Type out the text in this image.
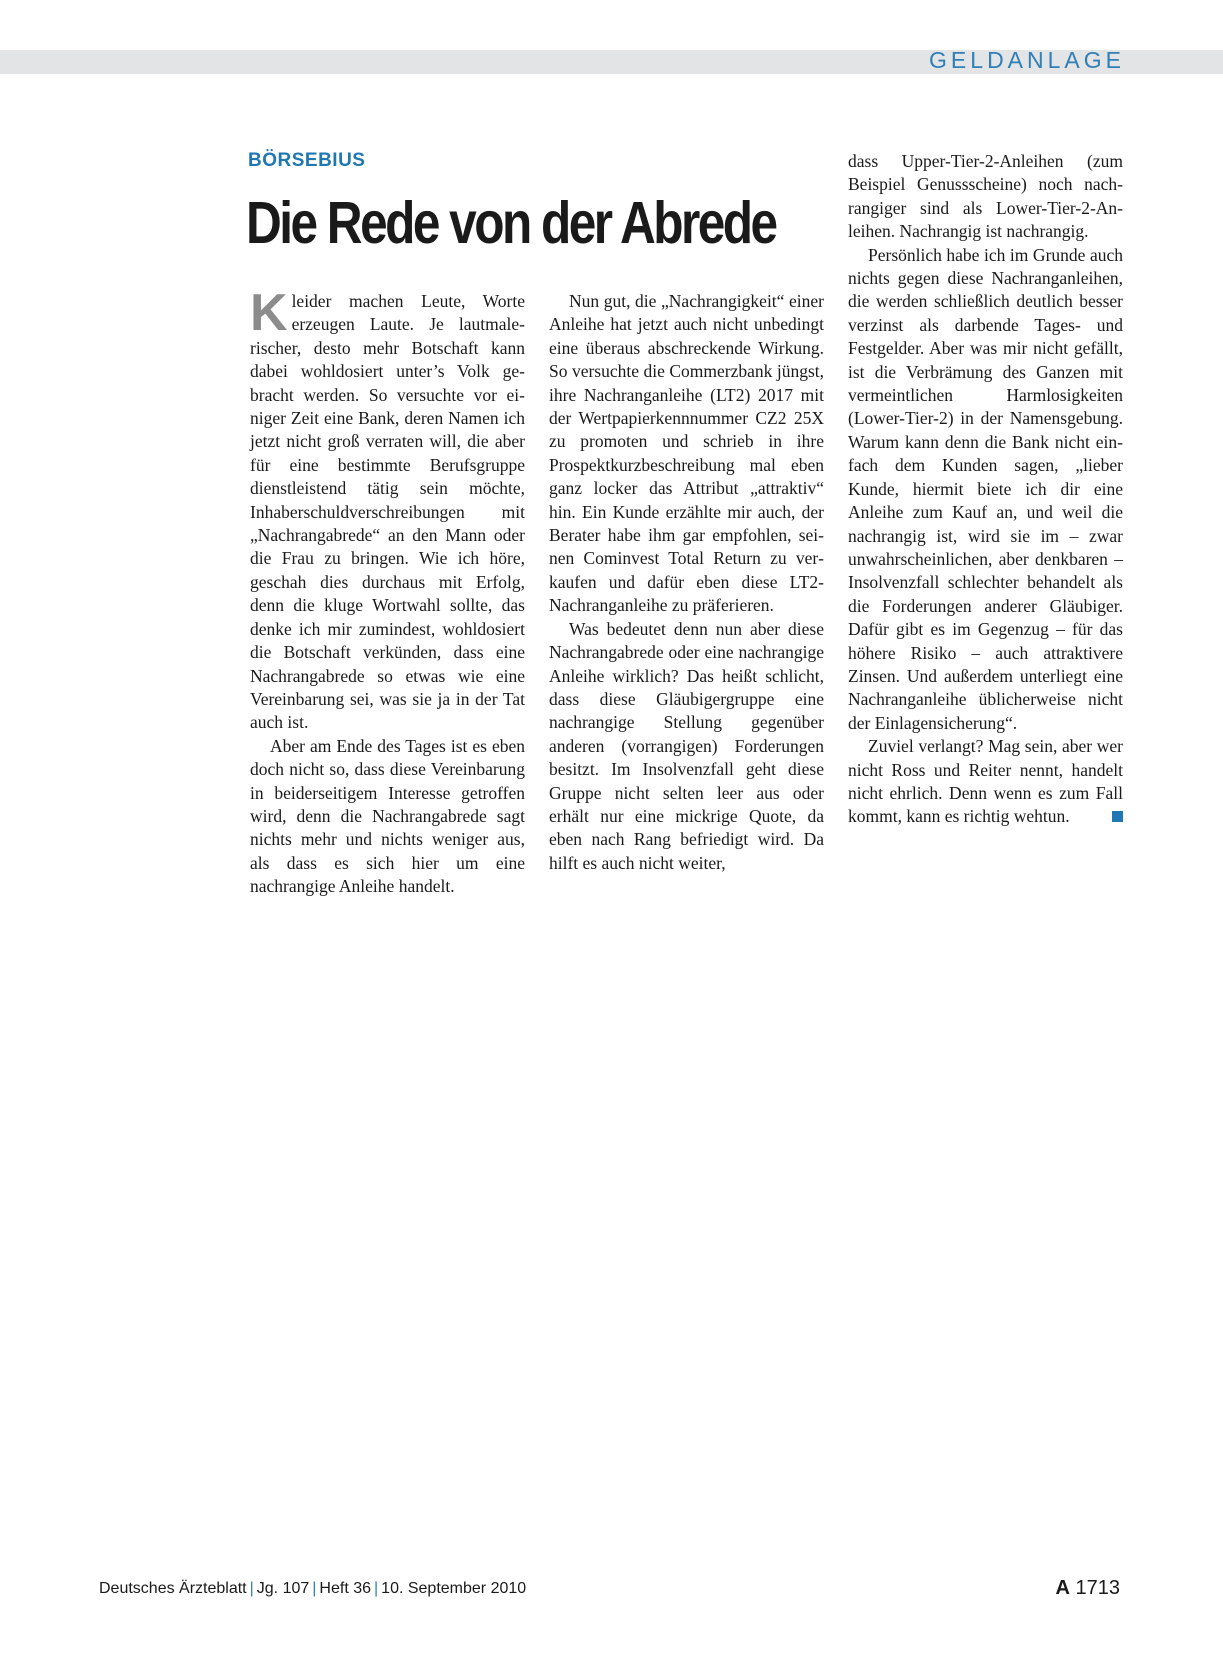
GELDANLAGE
BÖRSEBIUS
Die Rede von der Abrede

Kleider machen Leute, Worte erzeugen Laute. Je lautmalerischer, desto mehr Botschaft kann dabei wohldosiert unter’s Volk gebracht werden. So versuchte vor einiger Zeit eine Bank, deren Namen ich jetzt nicht groß verraten will, die aber für eine bestimmte Berufsgruppe dienstleistend tätig sein möchte, Inhaberschuldverschreibungen mit „Nachrangabrede“ an den Mann oder die Frau zu bringen. Wie ich höre, geschah dies durchaus mit Erfolg, denn die kluge Wortwahl sollte, das denke ich mir zumindest, wohldosiert die Botschaft verkünden, dass eine Nachrangabrede so etwas wie eine Vereinbarung sei, was sie ja in der Tat auch ist.

Aber am Ende des Tages ist es eben doch nicht so, dass diese Vereinbarung in beiderseitigem Interesse getroffen wird, denn die Nachrangabrede sagt nichts mehr und nichts weniger aus, als dass es sich hier um eine nachrangige Anleihe handelt.

Nun gut, die „Nachrangigkeit“ einer Anleihe hat jetzt auch nicht unbedingt eine überaus abschreckende Wirkung. So versuchte die Commerzbank jüngst, ihre Nachranganleihe (LT2) 2017 mit der Wertpapierkennnummer CZ2 25X zu promoten und schrieb in ihre Prospektkurzbeschreibung mal eben ganz locker das Attribut „attraktiv“ hin. Ein Kunde erzählte mir auch, der Berater habe ihm gar empfohlen, seinen Cominvest Total Return zu verkaufen und dafür eben diese LT2-Nachranganleihe zu präferieren.

Was bedeutet denn nun aber diese Nachrangabrede oder eine nachrangige Anleihe wirklich? Das heißt schlicht, dass diese Gläubigergruppe eine nachrangige Stellung gegenüber anderen (vorrangigen) Forderungen besitzt. Im Insolvenzfall geht diese Gruppe nicht selten leer aus oder erhält nur eine mickrige Quote, da eben nach Rang befriedigt wird. Da hilft es auch nicht weiter,

dass Upper-Tier-2-Anleihen (zum Beispiel Genussscheine) noch nachrangiger sind als Lower-Tier-2-Anleihen. Nachrangig ist nachrangig.

Persönlich habe ich im Grunde auch nichts gegen diese Nachranganleihen, die werden schließlich deutlich besser verzinst als darbende Tages- und Festgelder. Aber was mir nicht gefällt, ist die Verbrämung des Ganzen mit vermeintlichen Harmlosigkeiten (Lower-Tier-2) in der Namensgebung. Warum kann denn die Bank nicht einfach dem Kunden sagen, „lieber Kunde, hiermit biete ich dir eine Anleihe zum Kauf an, und weil die nachrangig ist, wird sie im – zwar unwahrscheinlichen, aber denkbaren – Insolvenzfall schlechter behandelt als die Forderungen anderer Gläubiger. Dafür gibt es im Gegenzug – für das höhere Risiko – auch attraktivere Zinsen. Und außerdem unterliegt eine Nachranganleihe üblicherweise nicht der Einlagensicherung“.

Zuviel verlangt? Mag sein, aber wer nicht Ross und Reiter nennt, handelt nicht ehrlich. Denn wenn es zum Fall kommt, kann es richtig wehtun.

Deutsches Ärzteblatt | Jg. 107 | Heft 36 | 10. September 2010	A 1713
